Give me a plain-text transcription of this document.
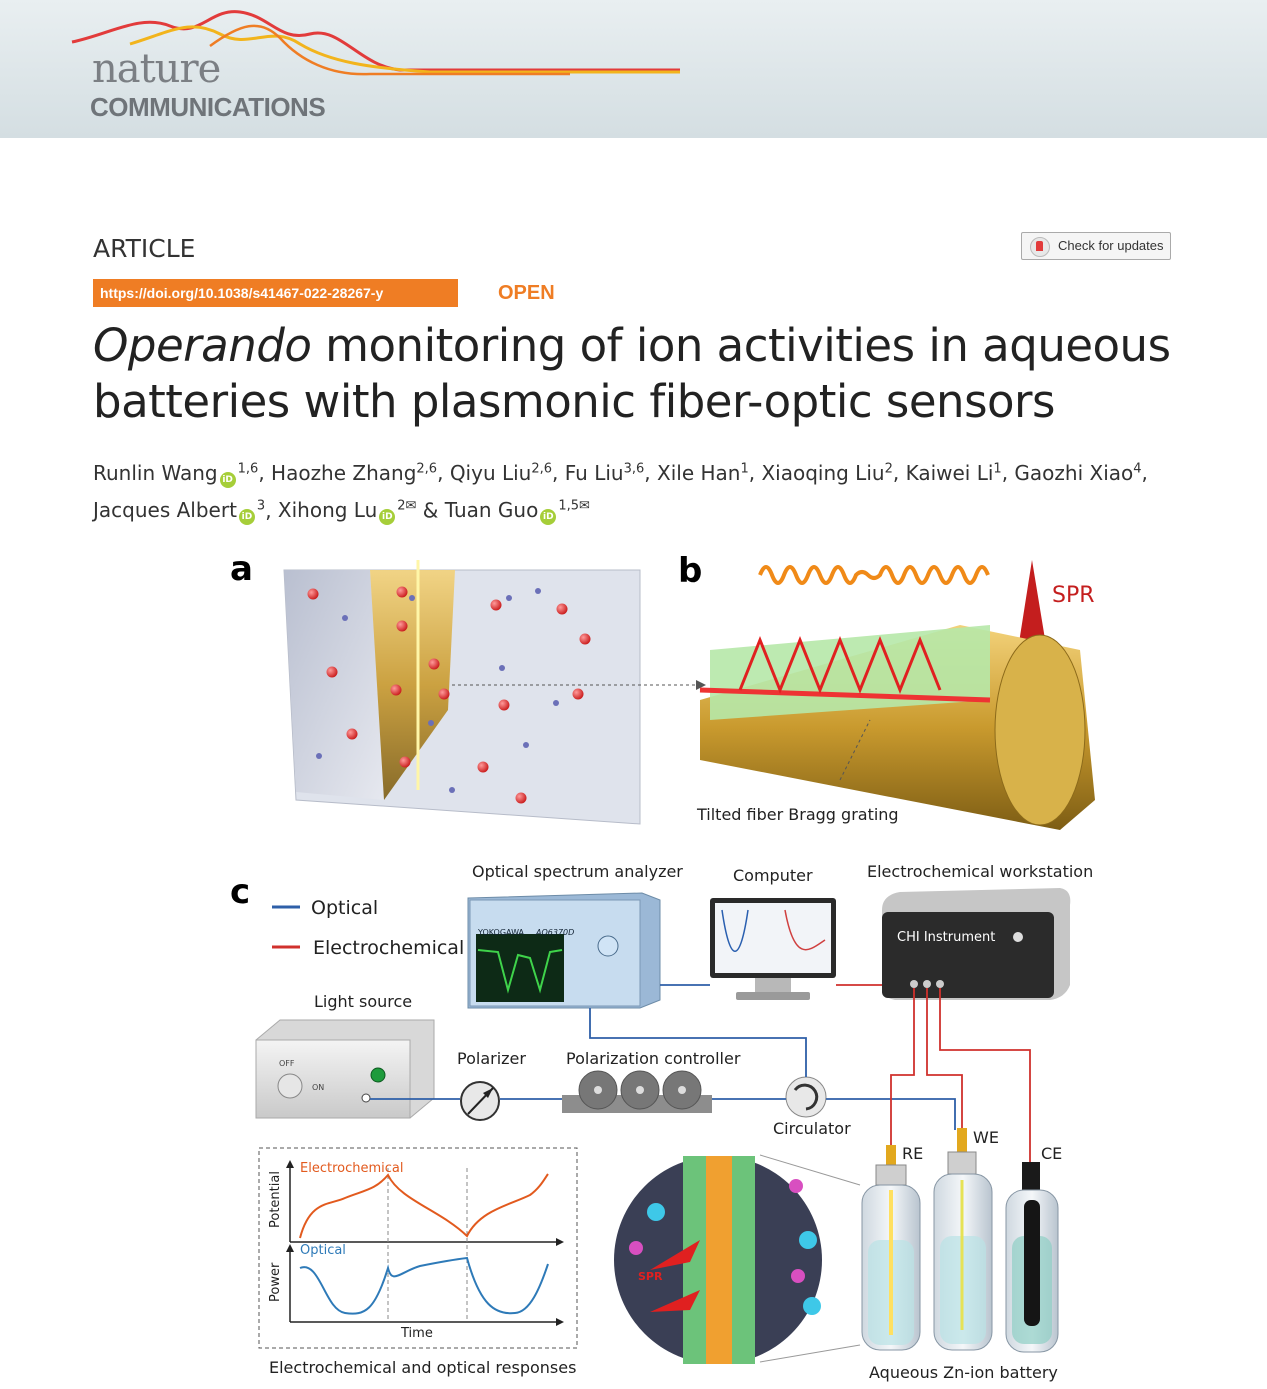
nature
COMMUNICATIONS
ARTICLE	Check for updates
https://doi.org/10.1038/s41467-022-28267-y	OPEN
Operando monitoring of ion activities in aqueous
batteries with plasmonic fiber-optic sensors
Runlin Wang iD$^{1,6}$, Haozhe Zhang$^{2,6}$, Qiyu Liu$^{2,6}$, Fu Liu$^{3,6}$, Xile Han$^1$, Xiaoqing Liu$^2$, Kaiwei Li$^1$, Gaozhi Xiao$^4$,
Jacques Albert $iD^3$, Xihong Lu $iD^{2✉}$ & Tuan Guo $iD^{1,5✉}$
a	b
SPR
Tilted fiber Bragg grating
c	Optical
Electrochemical
Optical spectrum analyzer
YOKOGAWA AQ6370D
Computer	Electrochemical workstation
CHI Instrument
Light source
OFF
ON
Polarizer	Polarization controller
Circulator
RE
WE
CE
Aqueous Zn-ion battery
SPR
Electrochemical
Optical
Potential
Power
Time
Electrochemical and optical responses
